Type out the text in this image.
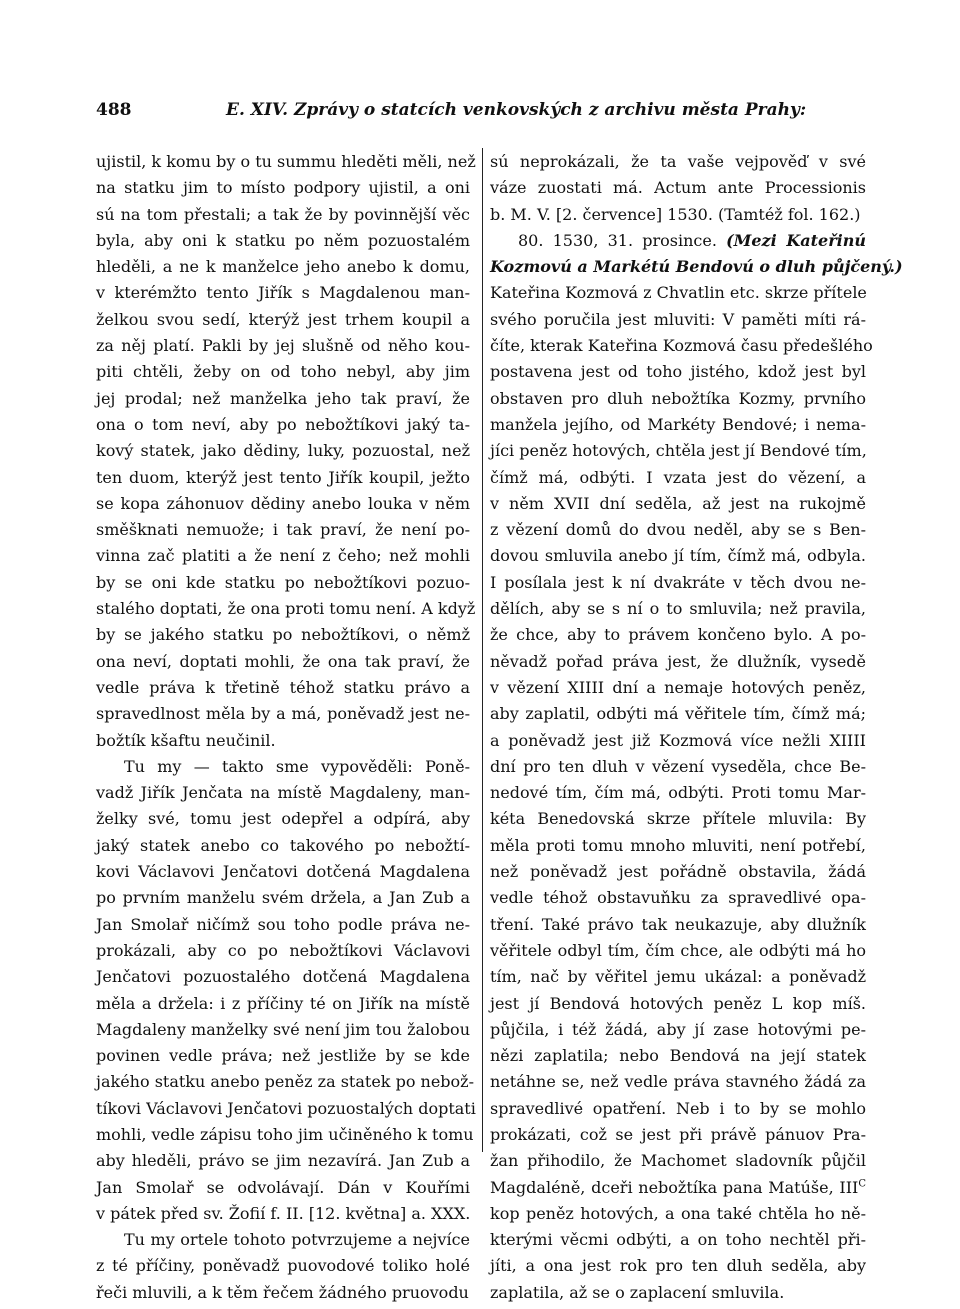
488	E. XIV. Zprávy o statcích venkovských z archivu města Prahy:
ujistil, k komu by o tu summu hleděti měli, než
na statku jim to místo podpory ujistil, a oni
sú na tom přestali; a tak že by povinnější věc
byla, aby oni k statku po něm pozuostalém
hleděli, a ne k manželce jeho anebo k domu,
v kterémžto tento Jiřík s Magdalenou man-
želkou svou sedí, kterýž jest trhem koupil a
za něj platí. Pakli by jej slušně od něho kou-
piti chtěli, žeby on od toho nebyl, aby jim
jej prodal; než manželka jeho tak praví, že
ona o tom neví, aby po nebožtíkovi jaký ta-
kový statek, jako dědiny, luky, pozuostal, než
ten duom, kterýž jest tento Jiřík koupil, ježto
se kopa záhonuov dědiny anebo louka v něm
směšknati nemuože; i tak praví, že není po-
vinna zač platiti a že není z čeho; než mohli
by se oni kde statku po nebožtíkovi pozuo-
stalého doptati, že ona proti tomu není. A když
by se jakého statku po nebožtíkovi, o němž
ona neví, doptati mohli, že ona tak praví, že
vedle práva k třetině téhož statku právo a
spravedlnost měla by a má, poněvadž jest ne-
božtík kšaftu neučinil.
Tu my — takto sme vypověděli: Poně-
vadž Jiřík Jenčata na místě Magdaleny, man-
želky své, tomu jest odepřel a odpírá, aby
jaký statek anebo co takového po nebožtí-
kovi Václavovi Jenčatovi dotčená Magdalena
po prvním manželu svém držela, a Jan Zub a
Jan Smolař ničímž sou toho podle práva ne-
prokázali, aby co po nebožtíkovi Václavovi
Jenčatovi pozuostalého dotčená Magdalena
měla a držela: i z příčiny té on Jiřík na místě
Magdaleny manželky své není jim tou žalobou
povinen vedle práva; než jestliže by se kde
jakého statku anebo peněz za statek po nebož-
tíkovi Václavovi Jenčatovi pozuostalých doptati
mohli, vedle zápisu toho jim učiněného k tomu
aby hleděli, právo se jim nezavírá. Jan Zub a
Jan Smolař se odvolávají. Dán v Kouřími
v pátek před sv. Žofií f. II. [12. května] a. XXX.
Tu my ortele tohoto potvrzujeme a nejvíce
z té příčiny, poněvadž puovodové toliko holé
řeči mluvili, a k těm řečem žádného pruovodu
sú neprokázali, že ta vaše vejpověď v své
váze zuostati má. Actum ante Processionis
b. M. V. [2. července] 1530. (Tamtéž fol. 162.)
80. 1530, 31. prosince. (Mezi Kateřinú
Kozmovú a Markétú Bendovú o dluh půjčený.)
Kateřina Kozmová z Chvatlin etc. skrze přítele
svého poručila jest mluviti: V paměti míti rá-
číte, kterak Kateřina Kozmová času předešlého
postavena jest od toho jistého, kdož jest byl
obstaven pro dluh nebožtíka Kozmy, prvního
manžela jejího, od Markéty Bendové; i nema-
jíci peněz hotových, chtěla jest jí Bendové tím,
čímž má, odbýti. I vzata jest do vězení, a
v něm XVII dní seděla, až jest na rukojmě
z vězení domů do dvou neděl, aby se s Ben-
dovou smluvila anebo jí tím, čímž má, odbyla.
I posílala jest k ní dvakráte v těch dvou ne-
dělích, aby se s ní o to smluvila; než pravila,
že chce, aby to právem končeno bylo. A po-
něvadž pořad práva jest, že dlužník, vysedě
v vězení XIIII dní a nemaje hotových peněz,
aby zaplatil, odbýti má věřitele tím, čímž má;
a poněvadž jest již Kozmová více nežli XIIII
dní pro ten dluh v vězení vyseděla, chce Be-
nedové tím, čím má, odbýti. Proti tomu Mar-
kéta Benedovská skrze přítele mluvila: By
měla proti tomu mnoho mluviti, není potřebí,
než poněvadž jest pořádně obstavila, žádá
vedle téhož obstavuňku za spravedlivé opa-
tření. Také právo tak neukazuje, aby dlužník
věřitele odbyl tím, čím chce, ale odbýti má ho
tím, nač by věřitel jemu ukázal: a poněvadž
jest jí Bendová hotových peněz L kop míš.
půjčila, i též žádá, aby jí zase hotovými pe-
nězi zaplatila; nebo Bendová na její statek
netáhne se, než vedle práva stavného žádá za
spravedlivé opatření. Neb i to by se mohlo
prokázati, což se jest při právě pánuov Pra-
žan přihodilo, že Machomet sladovník půjčil
Magdaléně, dceři nebožtíka pana Matúše, $III^C$
kop peněz hotových, a ona také chtěla ho ně-
kterými věcmi odbýti, a on toho nechtěl při-
jíti, a ona jest rok pro ten dluh seděla, aby
zaplatila, až se o zaplacení smluvila.
